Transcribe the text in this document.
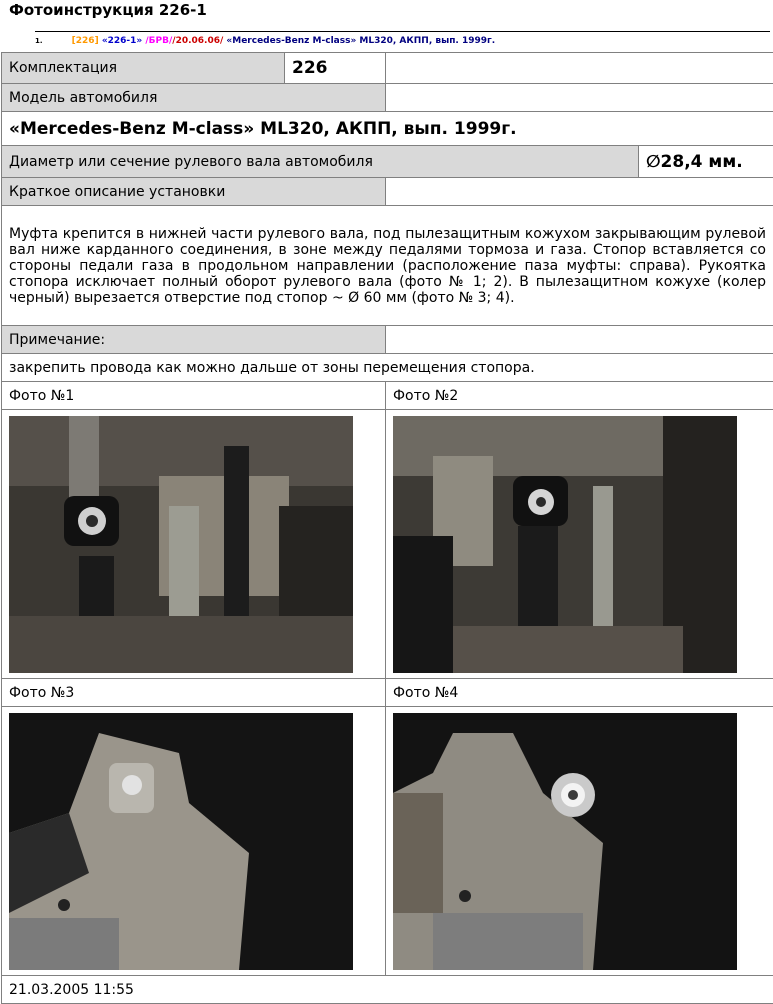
Фотоинструкция 226-1
1.	[226] «226-1» /БРВ//20.06.06/ «Mercedes-Benz M-class» ML320, АКПП, вып. 1999г.
Комплектация	226		
Модель автомобиля			
«Mercedes-Benz M-class» ML320, АКПП, вып. 1999г.			
Диаметр или сечение рулевого вала автомобиля			∅28,4 мм.
Краткое описание установки			
Муфта крепится в нижней части рулевого вала, под пылезащитным кожухом закрывающим рулевой вал ниже карданного соединения, в зоне между педалями тормоза и газа. Стопор вставляется со стороны педали газа в продольном направлении (расположение паза муфты: справа). Рукоятка стопора исключает полный оборот рулевого вала (фото № 1; 2). В пылезащитном кожухе (колер черный) вырезается отверстие под стопор ~ Ø 60 мм (фото № 3; 4).			
Примечание:			
закрепить провода как можно дальше от зоны перемещения стопора.			
Фото №1		Фото №2	

Фото №3		Фото №4	

21.03.2005 11:55			
